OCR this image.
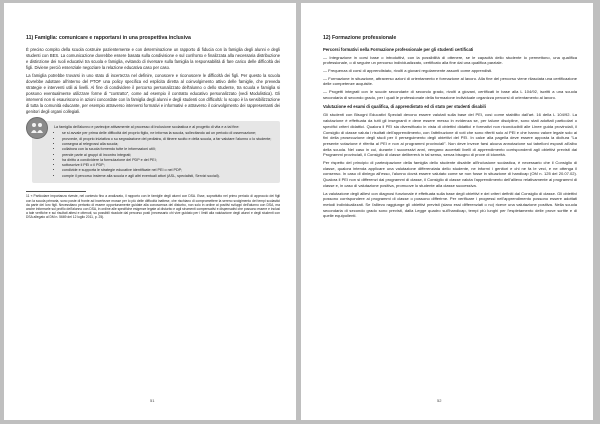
11) Famiglia: comunicare e rapportarsi in una prospettiva inclusiva

È preciso compito della scuola costruire pazientemente e con determinazione un rapporto di fiducia con la famiglia degli alunni e degli studenti con BES. La comunicazione dovrebbe essere basata sulla condivisione e sul confronto e finalizzata alla necessaria distribuzione e distinzione dei ruoli educativi tra scuola e famiglia, evitando di riversare sulla famiglia la responsabilità di fare carico delle difficoltà dei figli. Diviene perciò essenziale negoziare la relazione educativa caso per caso.

La famiglia potrebbe trovarsi in uno stato di incertezza nel definire, conoscere e riconoscere le difficoltà dei figli. Per questo la scuola dovrebbe adottare all'interno del PTOF una policy specifica ed esplicita diretta al coinvolgimento attivo delle famiglie, che preveda strategie e interventi utili ai livelli. Al fine di condividere il percorso personalizzato dell'alunno o dello studente, tra scuola e famiglia si possono eventualmente utilizzare forme di "contratto", come ad esempio il contratto educativo personalizzato (vedi Modulistica). Gli interventi non si esauriscono in azioni concordate con la famiglia degli alunni e degli studenti con difficoltà: lo scopo è la sensibilizzazione di tutta la comunità educante, per esempio attraverso interventi formativi e informativi e attraverso il coinvolgimento dei rappresentanti dei genitori degli organi collegiali.

La famiglia dell'alunno e partecipe attivamente al processo di inclusione scolastica e al progetto di vita e a tal fine:
• se si avvale per prima delle difficoltà del proprio figlio, ne informa la scuola, sollecitando ad un periodo di osservazione;
• provvede, di proprio iniziativa o su segnalazione del pediatra, di itinere scolto e della scuola, a far valutare l'alunno o lo studente;
• consegna al relegrossi alla scuola;
• collabora con la scuola fornendo tutte le informazioni utili;
• prende parte ai gruppi di incontro integrati;
• ha diritto a condividere la formulazione del PDP e del PEI;
• sottoscrive il PEI o il PDP;
• condivide e supporta le strategie educative identificate nel PEI o nel PDP;
• compie il percorso insieme alla scuola e agli altri eventuali attori (ASL, specialisti, Servizi sociali).

11 « Particolare importanza riveste, nel contesto fino a analizzato, il rapporto con le famiglie degli alunni con DSA. Esse, soprattutto nel primo periodo di approccio dei figli con la scuola primaria, sono poste di fronte ad incertezze mosse per lo più delle difficoltà inattese, che rischiano di compromettere la sereno svolgimento dei tempi scolastici da parte dei loro figli. Necessitano pertanto di essere opportunamente guidate alla conoscenza del disturbo, non solo in ordine ai positivi sviluppi dell'alunno con DSA, ma anche informarle sul profilo dell'alunno con DSA, in ordine alle specifiche esigenze legate al disturbo e agli strumenti compensativi e dispensativi che possono essere e inclusi a tale verifiche e sui risultati attesi e ottenuti, su possibili ricadute dal percorso posti (necessario chi vive guidato per i limiti alla valutazione degli alunni e degli studenti con DSA allegato al DM n. 5669 del 12 luglio 2011, p. 25).

51
12) Formazione professionale
Percorsi formativi nella Formazione professionale per gli studenti certificati

— Integrazione in corsi base o introduttivi, con la possibilità di ottenere, se le capacità dello studente lo permettono, una qualifica professionale, o di seguire un percorso individualizzato, certificato alla fine dai una qualifica parziale.

— Frequenza di corsi di apprendistato, rivolti a giovani regolarmente assunti come apprendisti.

— Formazione in situazione, attraverso azioni di orientamento e formazione al lavoro. Alla fine del percorso viene rilasciata una certificazione delle competenze acquisite.

— Progetti integrati con le scuole secondarie di secondo grado, rivolti a giovani, certificati in base alla L 104/92, iscritti a una scuola secondaria di secondo grado, per i quali le professionale della formazione individuale organizza percorsi di orientamento al lavoro.

Valutazione ed esami di qualifica, di apprendistato ed di stato per studenti disabili

Gli studenti con Bisogni Educativi Speciali devono essere valutati sulla base del PEI, così come stabilito dall'art. 16 della L 104/92. La valutazione è effettuata da tutti gli insegnanti e deve essere messo in evidenza se, per talune discipline, sono stati adottati particolari o specifici criteri didattici. Qualora il PEI sia diversificato in vista di obiettivi didattici e formativi non riconducibili alle Linee guida provinciali, il Consiglio di classe valuta i risultati dell'apprendimento, con l'attribuzione di voti che sono riferiti solo al PEI e che hanno valore legale solo ai fini della prosecuzione degli studi per il perseguimento degli obiettivi del PEI. In calce alla pagella deve essere apposta la dicitura "La presente votazione è riferita al PEI e non ai programmi provinciali". Non deve invece farsi alcuna annotazione sui tabelloni esposti all'albo della scuola. Nel caso in cui, durante i successivi anni, vengano accertati livelli di apprendimento corrispondenti agli obiettivi previsti dai Programmi provinciali, il Consiglio di classe delibererà in tal senso, senza bisogno di prove di idoneità.

Per rispetto del principio di partecipazione della famiglia dello studente disabile all'inclusione scolastica, è necessario che il Consiglio di classe, qualora intenda applicare una valutazione differenziata dello studente, ne informi i genitori e chi ne fa le veci, e ne ottenga il consenso. In caso di diniego all'esso, l'alunno dovrà essere valutato come se non fosse in situazione di handicap (OM n. 125 del 20.07.02). Qualora il PEI non si differenzi dai programmi di classe, il Consiglio di classe valuta l'apprendimento dell'allievo relativamente ai programmi di classe e, in caso di valutazione positiva, promuove lo studente alla classe successiva.

La valutazione degli allievi con diagnosi funzionale è effettuata sulla base degli obiettivi e dei criteri definiti dal Consiglio di classe. Gli obiettivi possono corrispondere ai programmi di classe o possono differirne. Per verificare i progressi nell'apprendimento possono essere adottati metodi individualizzati. Se l'allievo raggiunge gli obiettivi previsti (siano essi differenziati o no) riceve una valutazione positiva. Nella scuola secondaria di secondo grado sono previsti, dalla Legge quadro sull'handicap, tempi più lunghi per l'espletamento delle prove scritte e di quelle equipollenti.

52
